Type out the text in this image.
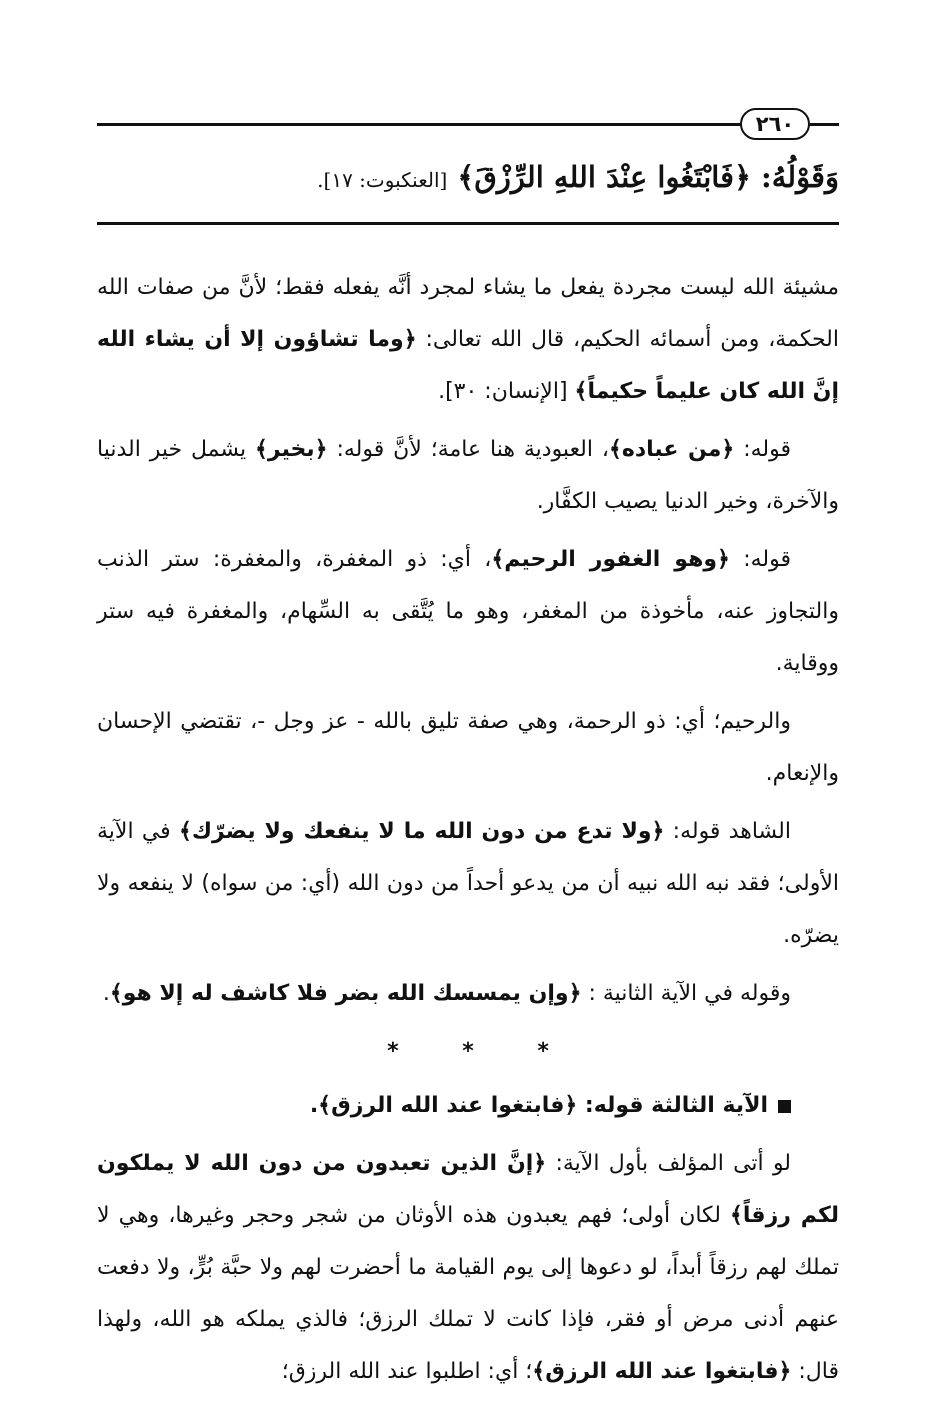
٢٦٠
وَقَوْلُهُ: ﴿فَابْتَغُوا عِنْدَ اللهِ الرِّزْقَ﴾ [العنكبوت: ١٧].

مشيئة الله ليست مجردة يفعل ما يشاء لمجرد أنَّه يفعله فقط؛ لأنَّ من صفات الله الحكمة، ومن أسمائه الحكيم، قال الله تعالى: ﴿وما تشاؤون إلا أن يشاء الله إنَّ الله كان عليماً حكيماً﴾ [الإنسان: ٣٠].

قوله: ﴿من عباده﴾، العبودية هنا عامة؛ لأنَّ قوله: ﴿بخير﴾ يشمل خير الدنيا والآخرة، وخير الدنيا يصيب الكفَّار.

قوله: ﴿وهو الغفور الرحيم﴾، أي: ذو المغفرة، والمغفرة: ستر الذنب والتجاوز عنه، مأخوذة من المغفر، وهو ما يُتَّقى به السِّهام، والمغفرة فيه ستر ووقاية.

والرحيم؛ أي: ذو الرحمة، وهي صفة تليق بالله - عز وجل -، تقتضي الإحسان والإنعام.

الشاهد قوله: ﴿ولا تدع من دون الله ما لا ينفعك ولا يضرّك﴾ في الآية الأولى؛ فقد نبه الله نبيه أن من يدعو أحداً من دون الله (أي: من سواه) لا ينفعه ولا يضرّه.

وقوله في الآية الثانية : ﴿وإن يمسسك الله بضر فلا كاشف له إلا هو﴾.

* * *

الآية الثالثة قوله: ﴿فابتغوا عند الله الرزق﴾.

لو أتى المؤلف بأول الآية: ﴿إنَّ الذين تعبدون من دون الله لا يملكون لكم رزقاً﴾ لكان أولى؛ فهم يعبدون هذه الأوثان من شجر وحجر وغيرها، وهي لا تملك لهم رزقاً أبداً، لو دعوها إلى يوم القيامة ما أحضرت لهم ولا حبَّة بُرٍّ، ولا دفعت عنهم أدنى مرض أو فقر، فإذا كانت لا تملك الرزق؛ فالذي يملكه هو الله، ولهذا قال: ﴿فابتغوا عند الله الرزق﴾؛ أي: اطلبوا عند الله الرزق؛
